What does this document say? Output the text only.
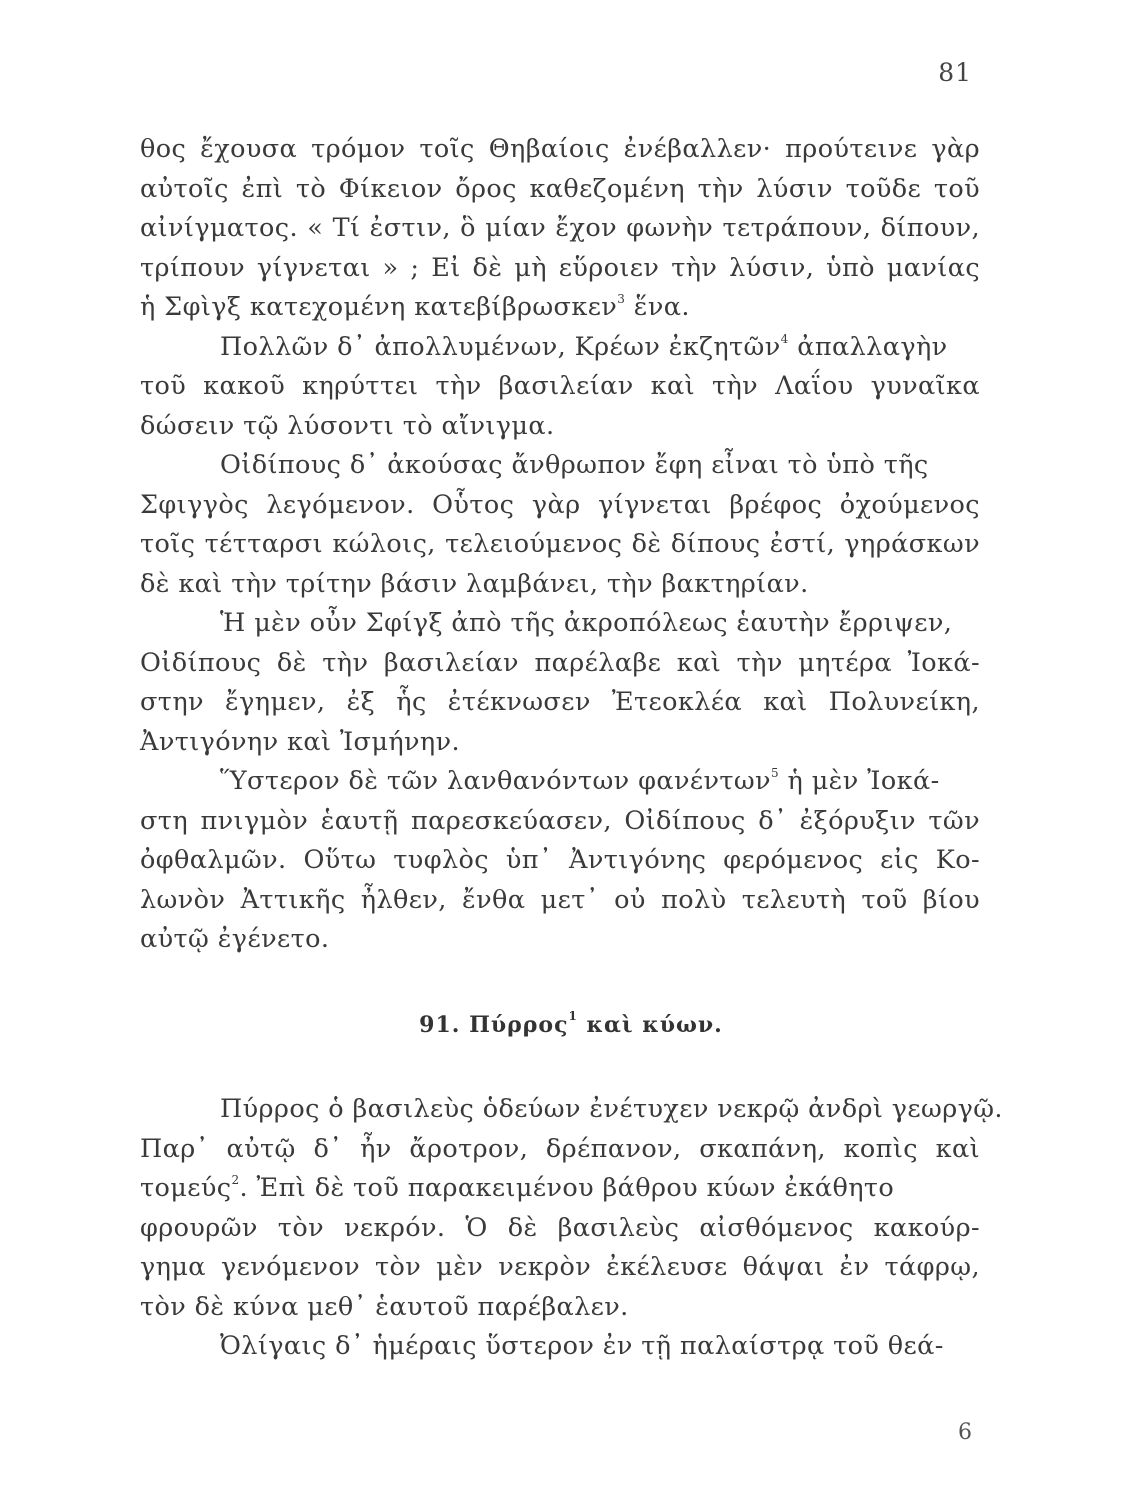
81
θος ἔχουσα τρόμον τοῖς Θηβαίοις ἐνέβαλλεν· προύτεινε γὰρ
αὐτοῖς ἐπὶ τὸ Φίκειον ὄρος καθεζομένη τὴν λύσιν τοῦδε τοῦ
αἰνίγματος. « Τί ἐστιν, ὃ μίαν ἔχον φωνὴν τετράπουν, δίπουν,
τρίπουν γίγνεται » ; Εἰ δὲ μὴ εὕροιεν τὴν λύσιν, ὑπὸ μανίας
ἡ Σφὶγξ κατεχομένη κατεβίβρωσκεν$^3$ ἕνα.
Πολλῶν δ᾽ ἀπολλυμένων, Κρέων ἐκζητῶν$^4$ ἀπαλλαγὴν
τοῦ κακοῦ κηρύττει τὴν βασιλείαν καὶ τὴν Λαΐου γυναῖκα
δώσειν τῷ λύσοντι τὸ αἴνιγμα.
Οἰδίπους δ᾽ ἀκούσας ἄνθρωπον ἔφη εἶναι τὸ ὑπὸ τῆς
Σφιγγὸς λεγόμενον. Οὗτος γὰρ γίγνεται βρέφος ὀχούμενος
τοῖς τέτταρσι κώλοις, τελειούμενος δὲ δίπους ἐστί, γηράσκων
δὲ καὶ τὴν τρίτην βάσιν λαμβάνει, τὴν βακτηρίαν.
Ἡ μὲν οὖν Σφίγξ ἀπὸ τῆς ἀκροπόλεως ἑαυτὴν ἔρριψεν,
Οἰδίπους δὲ τὴν βασιλείαν παρέλαβε καὶ τὴν μητέρα Ἰοκά-
στην ἔγημεν, ἐξ ἧς ἐτέκνωσεν Ἐτεοκλέα καὶ Πολυνείκη,
Ἀντιγόνην καὶ Ἰσμήνην.
Ὕστερον δὲ τῶν λανθανόντων φανέντων$^5$ ἡ μὲν Ἰοκά-
στη πνιγμὸν ἑαυτῇ παρεσκεύασεν, Οἰδίπους δ᾽ ἐξόρυξιν τῶν
ὀφθαλμῶν. Οὕτω τυφλὸς ὑπ᾽ Ἀντιγόνης φερόμενος εἰς Κο-
λωνὸν Ἀττικῆς ἦλθεν, ἔνθα μετ᾽ οὐ πολὺ τελευτὴ τοῦ βίου
αὐτῷ ἐγένετο.
91. Πύρρος$^1$ καὶ κύων.
Πύρρος ὁ βασιλεὺς ὁδεύων ἐνέτυχεν νεκρῷ ἀνδρὶ γεωργῷ.
Παρ᾽ αὐτῷ δ᾽ ἦν ἄροτρον, δρέπανον, σκαπάνη, κοπὶς καὶ
τομεύς$^2$. Ἐπὶ δὲ τοῦ παρακειμένου βάθρου κύων ἐκάθητο
φρουρῶν τὸν νεκρόν. Ὁ δὲ βασιλεὺς αἰσθόμενος κακούρ-
γημα γενόμενον τὸν μὲν νεκρὸν ἐκέλευσε θάψαι ἐν τάφρῳ,
τὸν δὲ κύνα μεθ᾽ ἑαυτοῦ παρέβαλεν.
Ὀλίγαις δ᾽ ἡμέραις ὕστερον ἐν τῇ παλαίστρᾳ τοῦ θεά-
6
